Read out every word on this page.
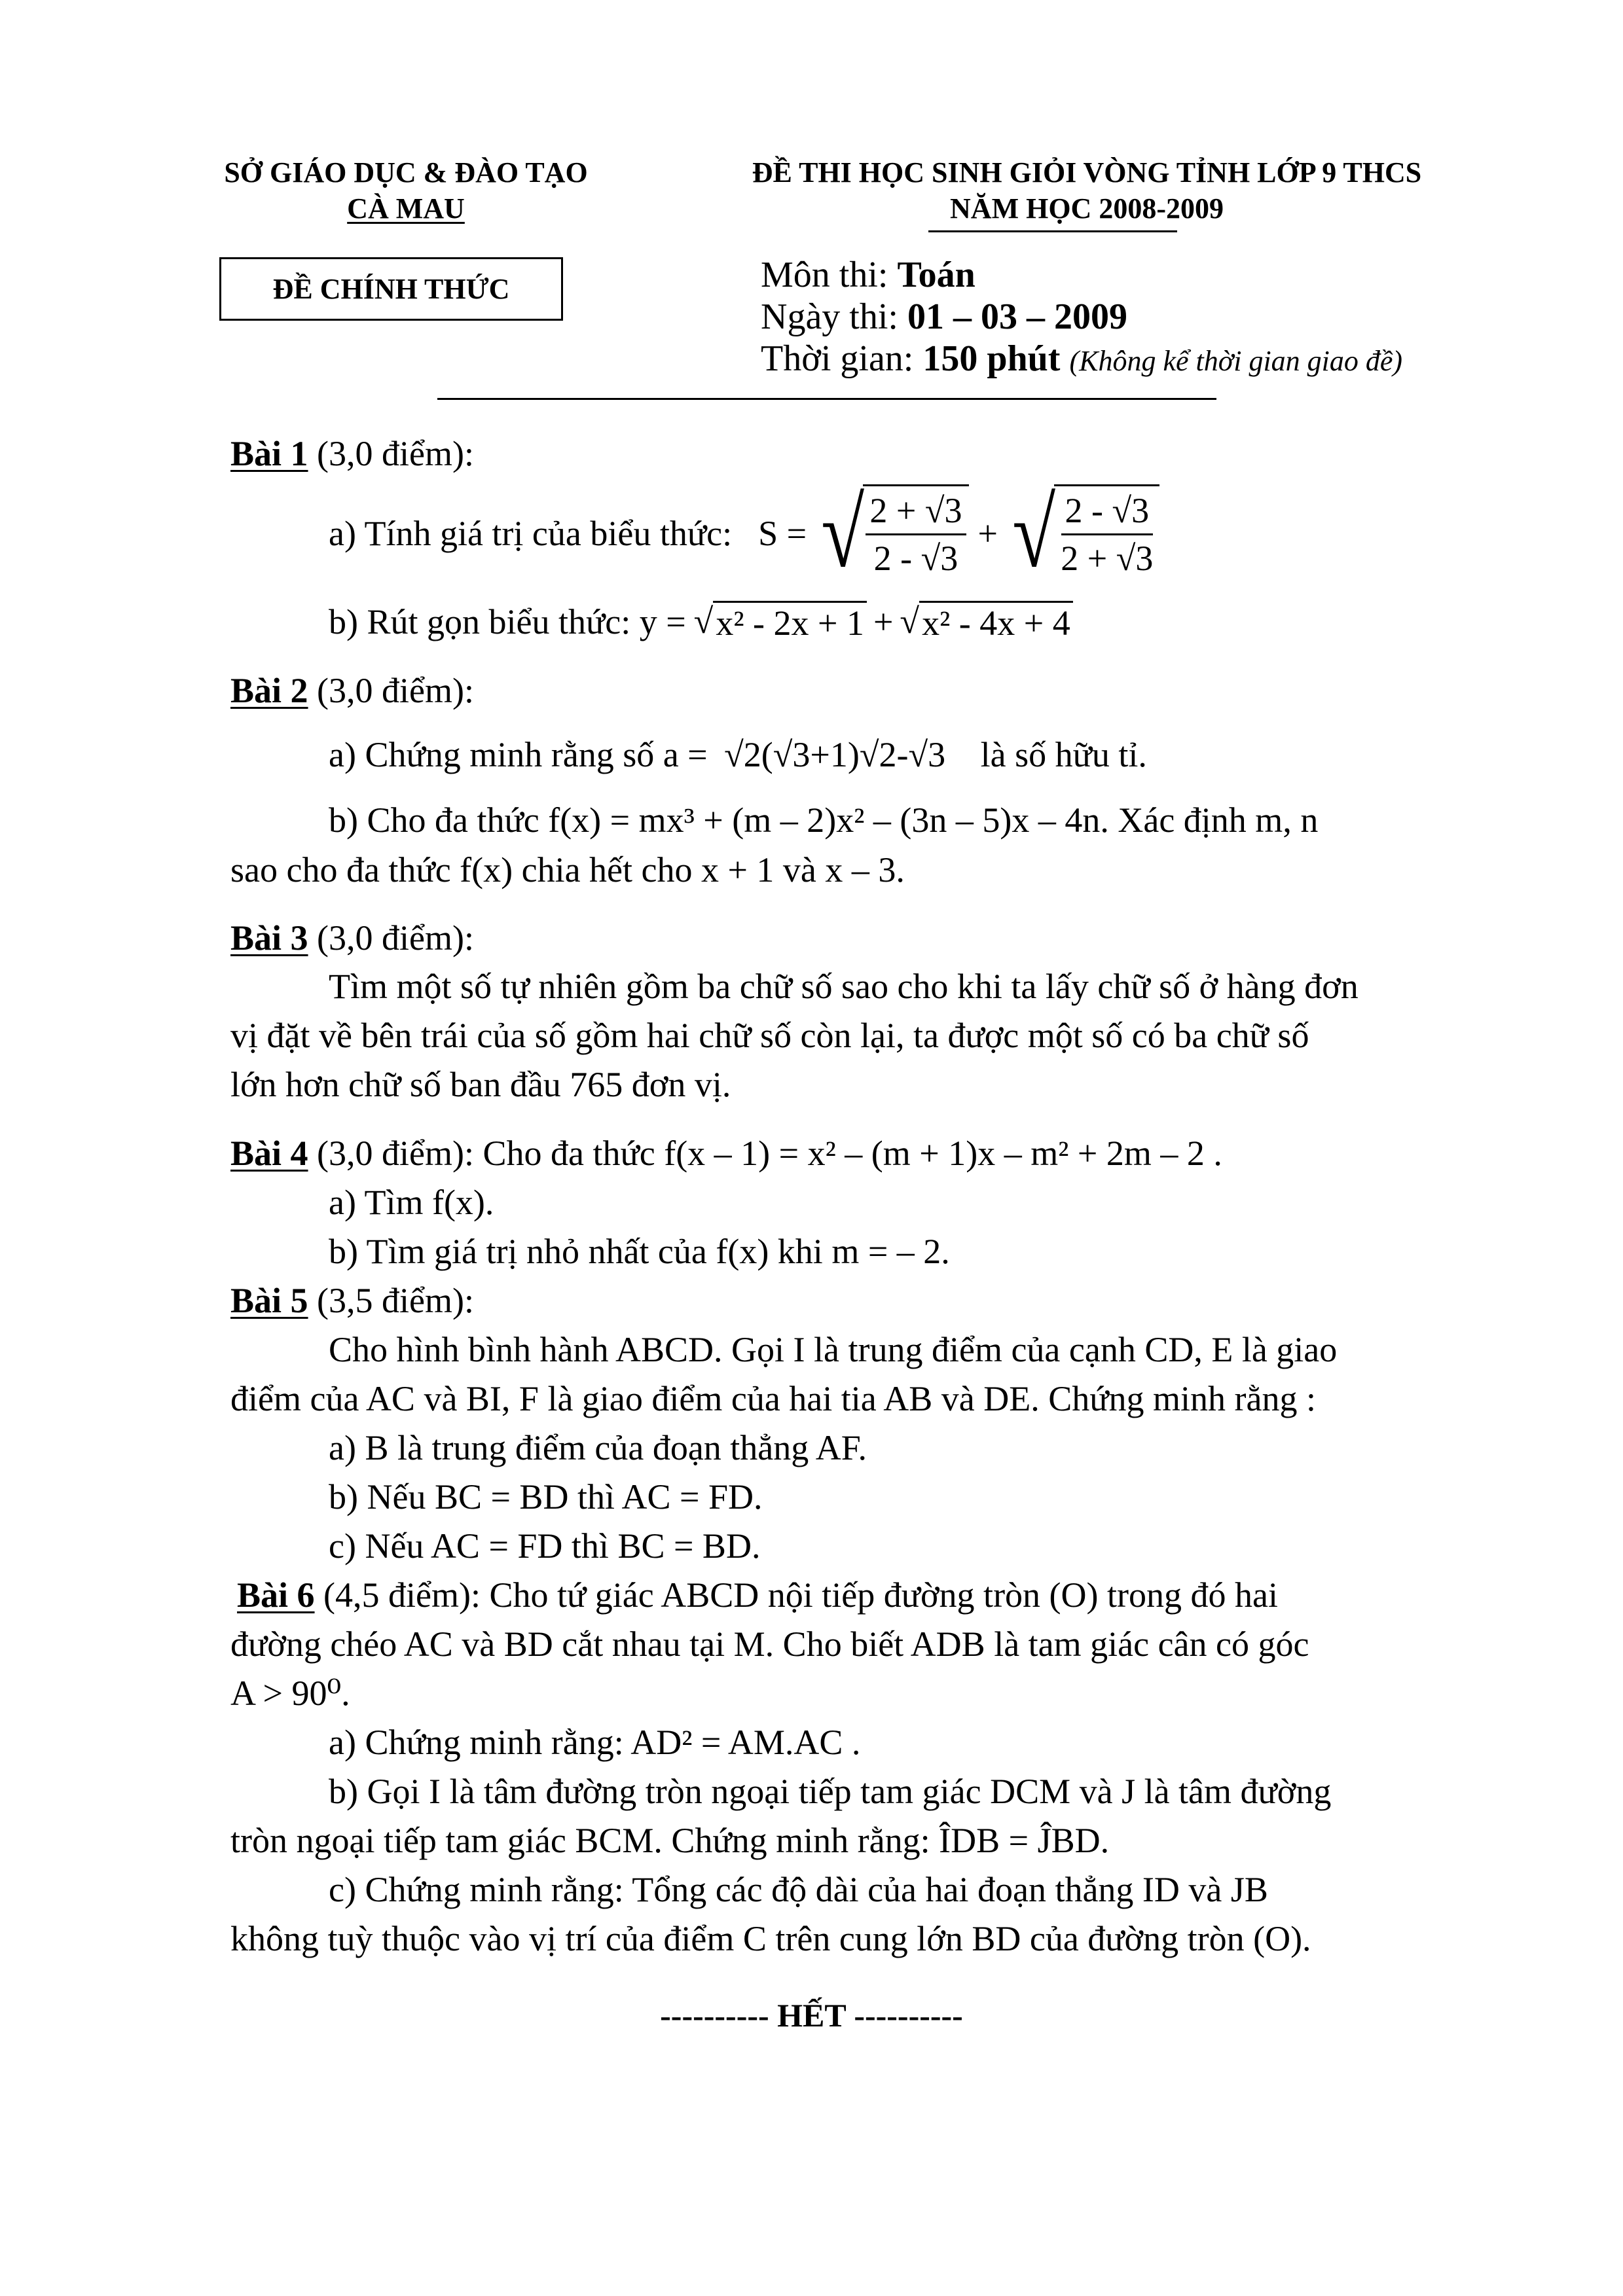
SỞ GIÁO DỤC & ĐÀO TẠO
CÀ MAU
ĐỀ THI HỌC SINH GIỎI VÒNG TỈNH LỚP 9 THCS
NĂM HỌC 2008-2009
ĐỀ CHÍNH THỨC	Môn thi: Toán
Ngày thi: 01 – 03 – 2009
Thời gian: 150 phút (Không kể thời gian giao đề)
Bài 1 (3,0 điểm):
a) Tính giá trị của biểu thức: S = √ $\frac{2 + √3}{2 - √3}$ + √ $\frac{2 - √3}{2 + √3}$
b) Rút gọn biểu thức: y = √ x² - 2x + 1 + √ x² - 4x + 4
Bài 2 (3,0 điểm):
a) Chứng minh rằng số a = √2(√3+1)√2-√3 là số hữu tỉ.
b) Cho đa thức f(x) = mx³ + (m – 2)x² – (3n – 5)x – 4n. Xác định m, n
sao cho đa thức f(x) chia hết cho x + 1 và x – 3.
Bài 3 (3,0 điểm):
Tìm một số tự nhiên gồm ba chữ số sao cho khi ta lấy chữ số ở hàng đơn
vị đặt về bên trái của số gồm hai chữ số còn lại, ta được một số có ba chữ số
lớn hơn chữ số ban đầu 765 đơn vị.
Bài 4 (3,0 điểm): Cho đa thức f(x – 1) = x² – (m + 1)x – m² + 2m – 2 .
a) Tìm f(x).
b) Tìm giá trị nhỏ nhất của f(x) khi m = – 2.
Bài 5 (3,5 điểm):
Cho hình bình hành ABCD. Gọi I là trung điểm của cạnh CD, E là giao
điểm của AC và BI, F là giao điểm của hai tia AB và DE. Chứng minh rằng :
a) B là trung điểm của đoạn thẳng AF.
b) Nếu BC = BD thì AC = FD.
c) Nếu AC = FD thì BC = BD.
Bài 6 (4,5 điểm): Cho tứ giác ABCD nội tiếp đường tròn (O) trong đó hai
đường chéo AC và BD cắt nhau tại M. Cho biết ADB là tam giác cân có góc
A > 90⁰.
a) Chứng minh rằng: AD² = AM.AC .
b) Gọi I là tâm đường tròn ngoại tiếp tam giác DCM và J là tâm đường
tròn ngoại tiếp tam giác BCM. Chứng minh rằng: ÎDB = ĴBD.
c) Chứng minh rằng: Tổng các độ dài của hai đoạn thẳng ID và JB
không tuỳ thuộc vào vị trí của điểm C trên cung lớn BD của đường tròn (O).
---------- HẾT ----------
